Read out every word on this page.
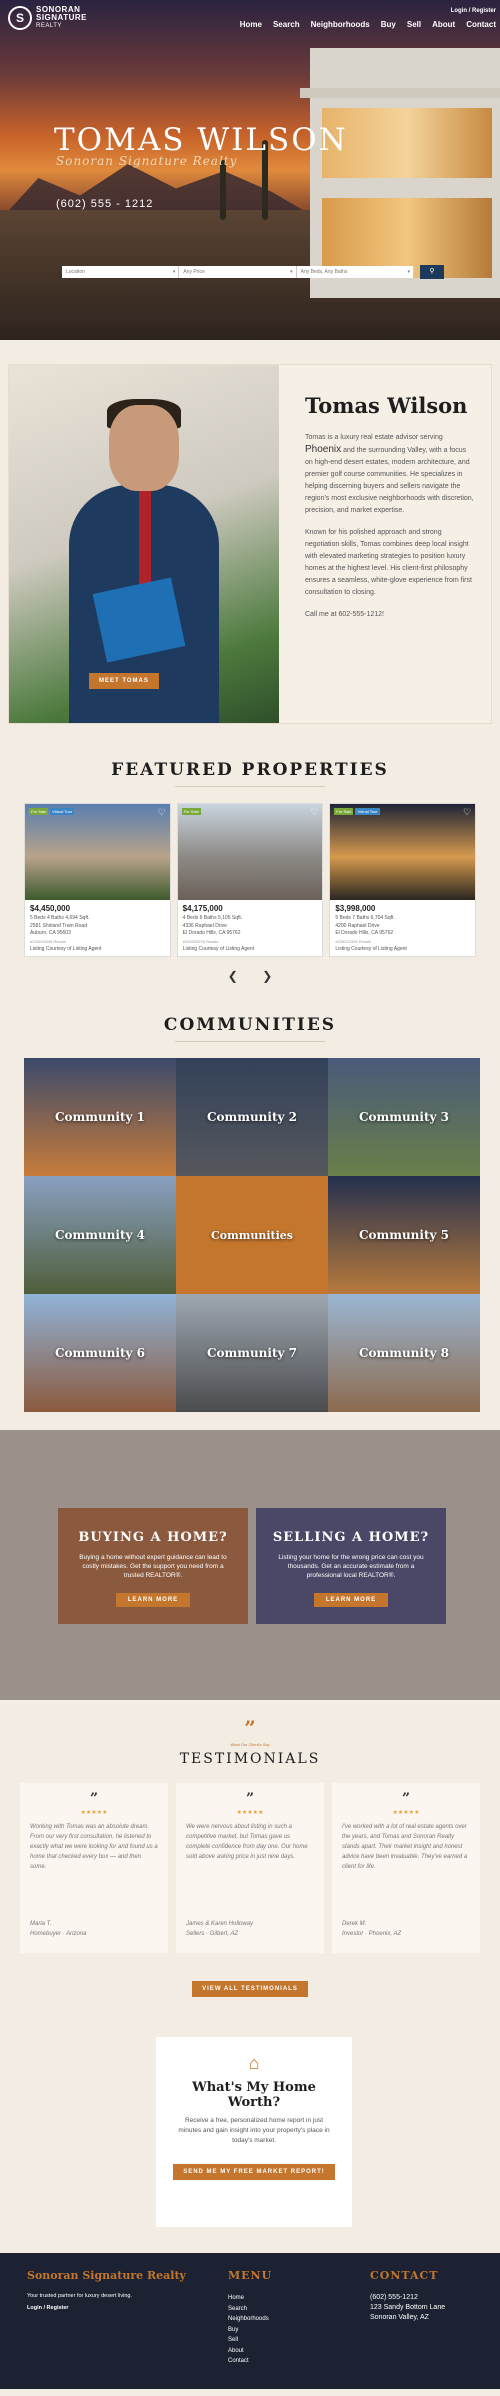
S
SONORAN
SIGNATURE
REALTY
Login / Register
Home Search Neighborhoods Buy Sell About Contact
TOMAS WILSON
Sonoran Signature Realty
(602) 555 - 1212
Location	▾	Any Price	▾	Any Beds, Any Baths	▾	⚲
Tomas Wilson

Tomas is a luxury real estate advisor serving Phoenix and the surrounding Valley, with a focus on high-end desert estates, modern architecture, and premier golf course communities. He specializes in helping discerning buyers and sellers navigate the region's most exclusive neighborhoods with discretion, precision, and market expertise.

Known for his polished approach and strong negotiation skills, Tomas combines deep local insight with elevated marketing strategies to position luxury homes at the highest level. His client-first philosophy ensures a seamless, white-glove experience from first consultation to closing.

Call me at 602-555-1212!

MEET TOMAS
FEATURED PROPERTIES
For Sale	Virtual Tour	♡
$4,450,000
5 Beds 4 Baths 4,694 Sqft.
2581 Shirland Tram Road
Auburn, CA 95603
#226015049 Resale
Listing Courtesy of Listing Agent
For Sale	♡
$4,175,000
4 Beds 6 Baths 5,105 Sqft.
4336 Raphael Drive
El Dorado Hills, CA 95762
#226025976 Resale
Listing Courtesy of Listing Agent
For Sale	Virtual Tour	♡
$3,998,000
5 Beds 7 Baths 6,704 Sqft.
4200 Raphael Drive
El Dorado Hills, CA 95762
#226022326 Resale
Listing Courtesy of Listing Agent
❮ ❯
COMMUNITIES
Community 1	Community 2	Community 3
Community 4	Communities	Community 5
Community 6	Community 7	Community 8
BUYING A HOME?

Buying a home without expert guidance can lead to costly mistakes. Get the support you need from a trusted REALTOR®.

LEARN MORE
SELLING A HOME?

Listing your home for the wrong price can cost you thousands. Get an accurate estimate from a professional local REALTOR®.

LEARN MORE
”
What Our Client's Say
TESTIMONIALS
”
★★★★★
Working with Tomas was an absolute dream. From our very first consultation, he listened to exactly what we were looking for and found us a home that checked every box — and then some.
Maria T.
Homebuyer · Arizona
”
★★★★★
We were nervous about listing in such a competitive market, but Tomas gave us complete confidence from day one. Our home sold above asking price in just nine days.
James & Karen Holloway
Sellers · Gilbert, AZ
”
★★★★★
I've worked with a lot of real estate agents over the years, and Tomas and Sonoran Realty stands apart. Their market insight and honest advice have been invaluable. They've earned a client for life.
Derek M.
Investor · Phoenix, AZ
VIEW ALL TESTIMONIALS
⌂
What's My Home
Worth?

Receive a free, personalized home report in just minutes and gain insight into your property's place in today's market.

SEND ME MY FREE MARKET REPORT!
Sonoran Signature Realty
Your trusted partner for luxury desert living.
Login / Register
MENU
Home
Search
Neighborhoods
Buy
Sell
About
Contact
CONTACT
(602) 555-1212
123 Sandy Bottom Lane
Sonoran Valley, AZ
